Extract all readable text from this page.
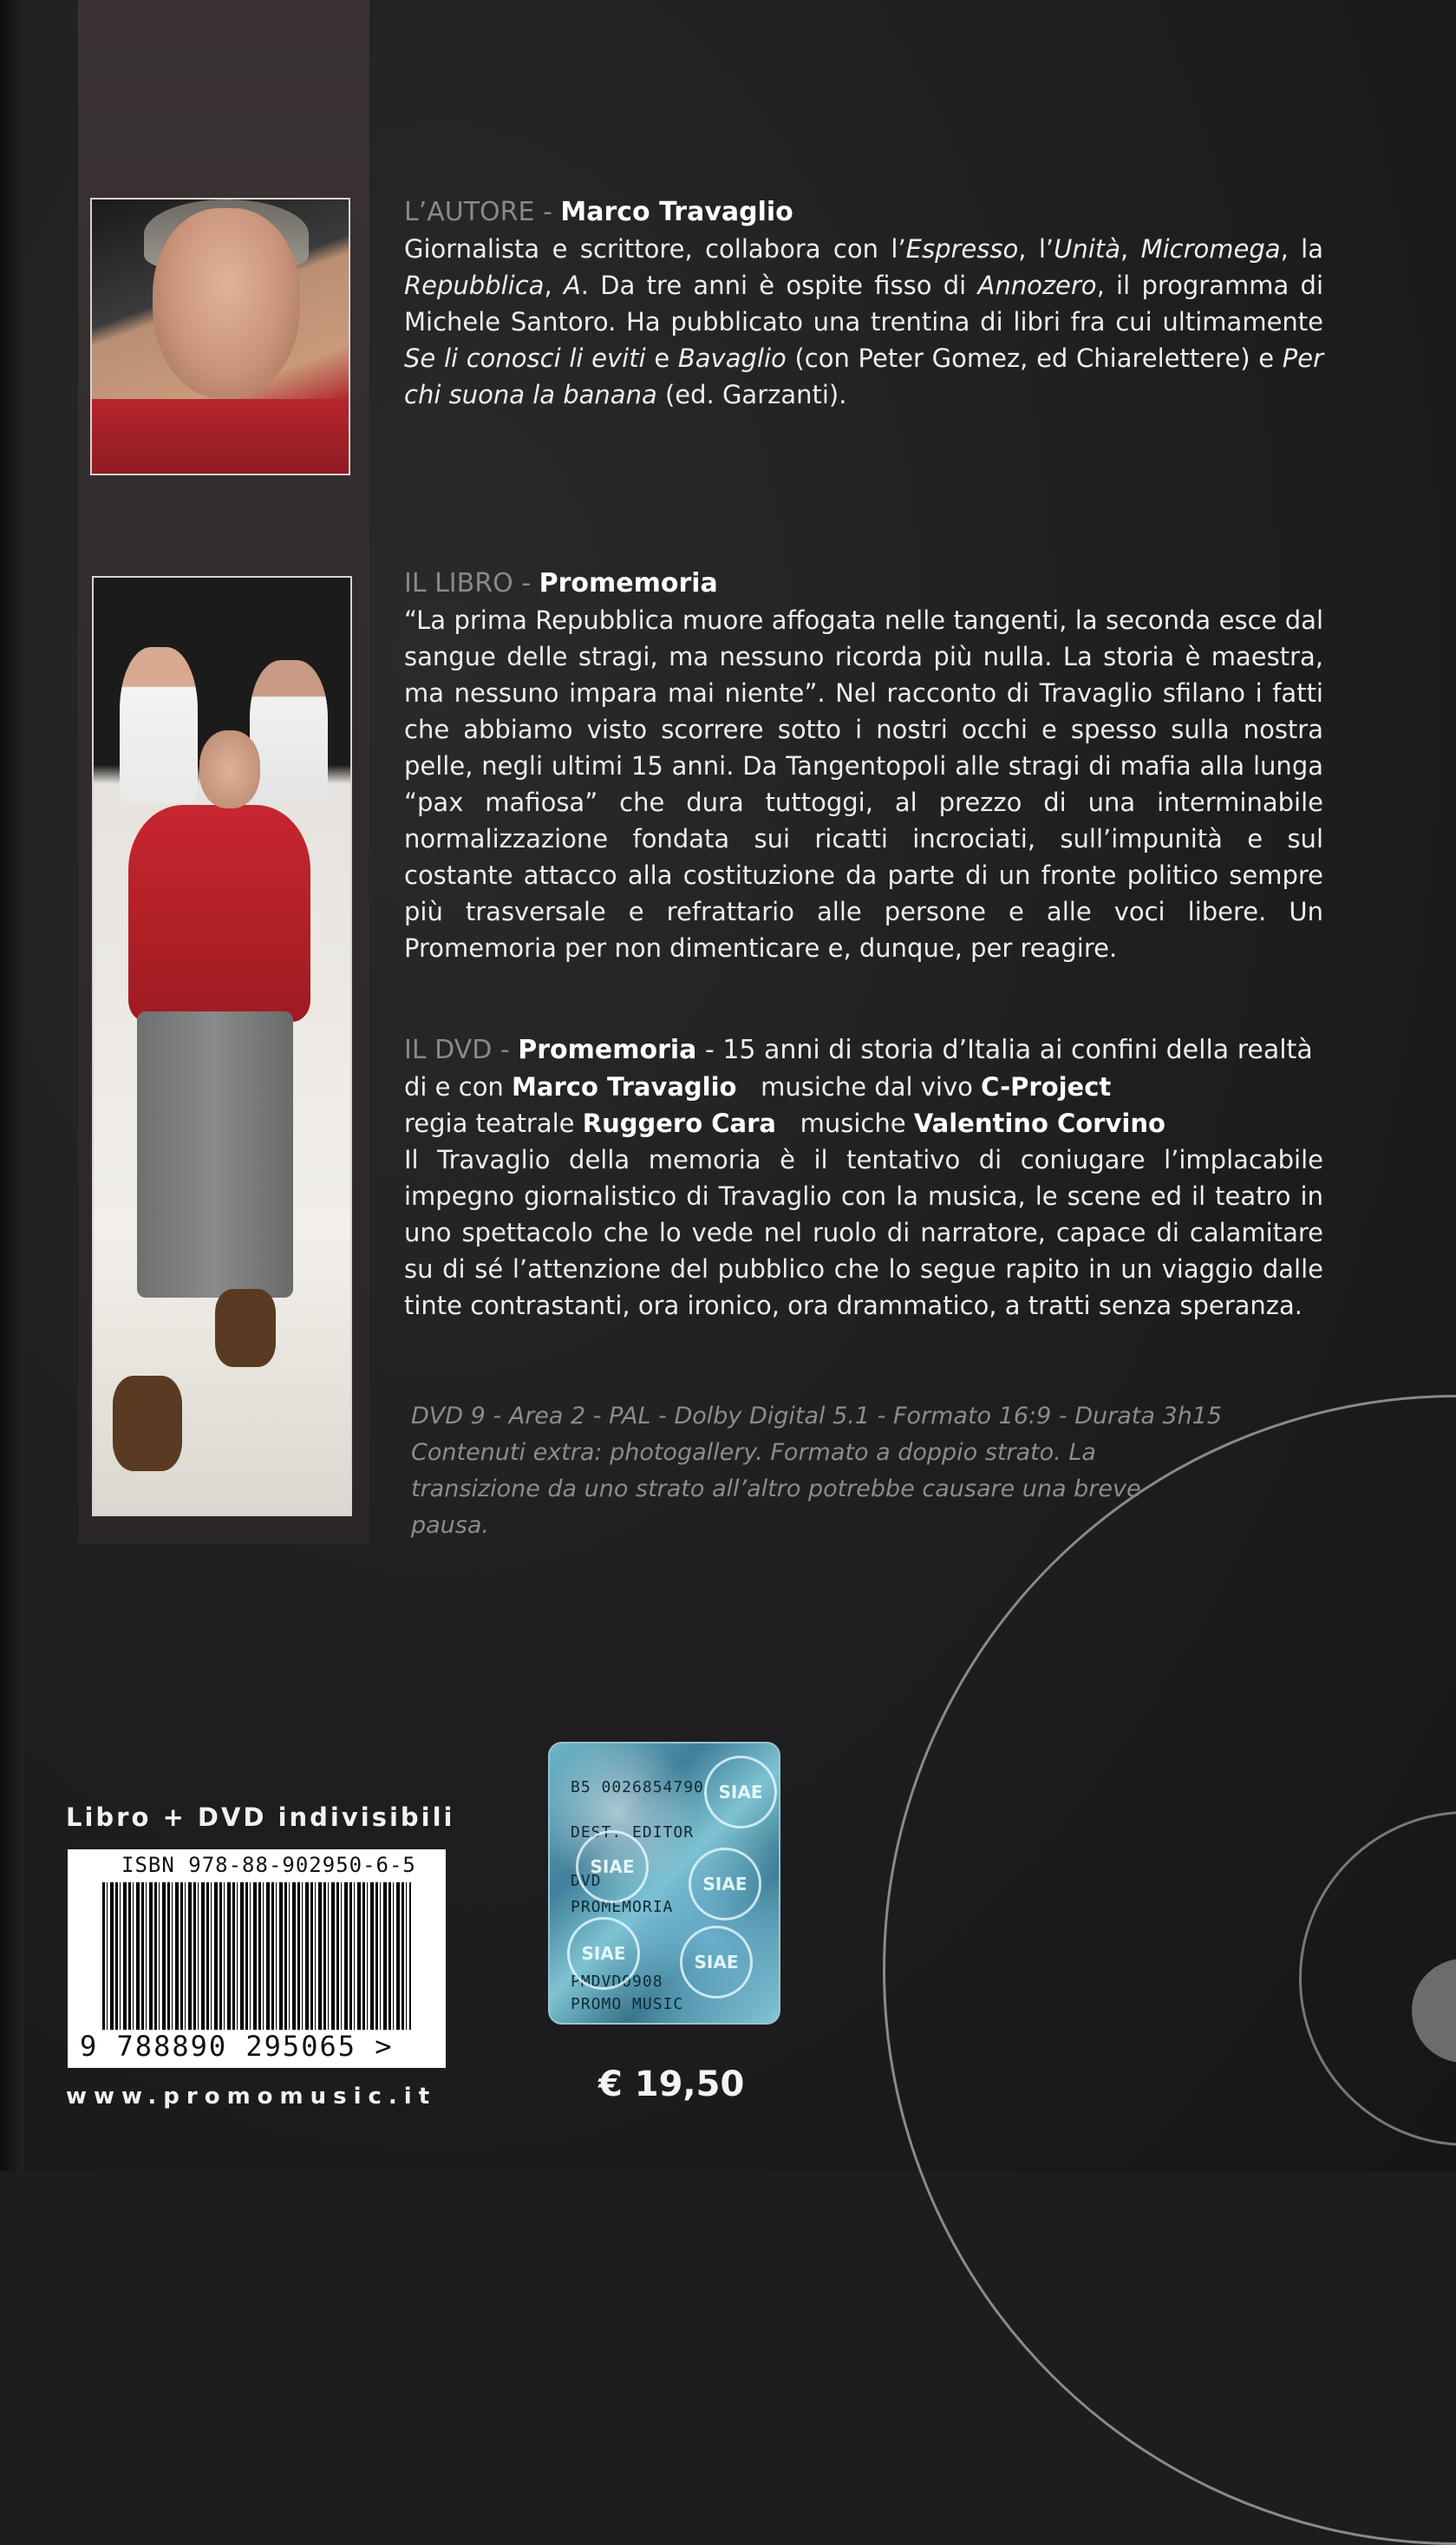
L’AUTORE - Marco Travaglio

Giornalista e scrittore, collabora con l’Espresso, l’Unità, Micromega, la Repubblica, A. Da tre anni è ospite fisso di Annozero, il programma di Michele Santoro. Ha pubblicato una trentina di libri fra cui ultimamente Se li conosci li eviti e Bavaglio (con Peter Gomez, ed Chiarelettere) e Per chi suona la banana (ed. Garzanti).

IL LIBRO - Promemoria

“La prima Repubblica muore affogata nelle tangenti, la seconda esce dal sangue delle stragi, ma nessuno ricorda più nulla. La storia è maestra, ma nessuno impara mai niente”. Nel racconto di Travaglio sfilano i fatti che abbiamo visto scorrere sotto i nostri occhi e spesso sulla nostra pelle, negli ultimi 15 anni. Da Tangentopoli alle stragi di mafia alla lunga “pax mafiosa” che dura tuttoggi, al prezzo di una interminabile normalizzazione fondata sui ricatti incrociati, sull’impunità e sul costante attacco alla costituzione da parte di un fronte politico sempre più trasversale e refrattario alle persone e alle voci libere. Un Promemoria per non dimenticare e, dunque, per reagire.

IL DVD - Promemoria - 15 anni di storia d’Italia ai confini della realtà
di e con Marco Travaglio musiche dal vivo C-Project
regia teatrale Ruggero Cara musiche Valentino Corvino

Il Travaglio della memoria è il tentativo di coniugare l’implacabile impegno giornalistico di Travaglio con la musica, le scene ed il teatro in uno spettacolo che lo vede nel ruolo di narratore, capace di calamitare su di sé l’attenzione del pubblico che lo segue rapito in un viaggio dalle tinte contrastanti, ora ironico, ora drammatico, a tratti senza speranza.

DVD 9 - Area 2 - PAL - Dolby Digital 5.1 - Formato 16:9 - Durata 3h15
Contenuti extra: photogallery. Formato a doppio strato. La transizione da uno strato all’altro potrebbe causare una breve pausa.
Libro + DVD indivisibili
ISBN 978-88-902950-6-5
9 788890 295065 >
www.promomusic.it
B5 0026854790
DEST. EDITOR
DVD
PROMEMORIA
PMDVD0908
PROMO MUSIC
SIAE
SIAE
SIAE
SIAE	SIAE
€ 19,50
